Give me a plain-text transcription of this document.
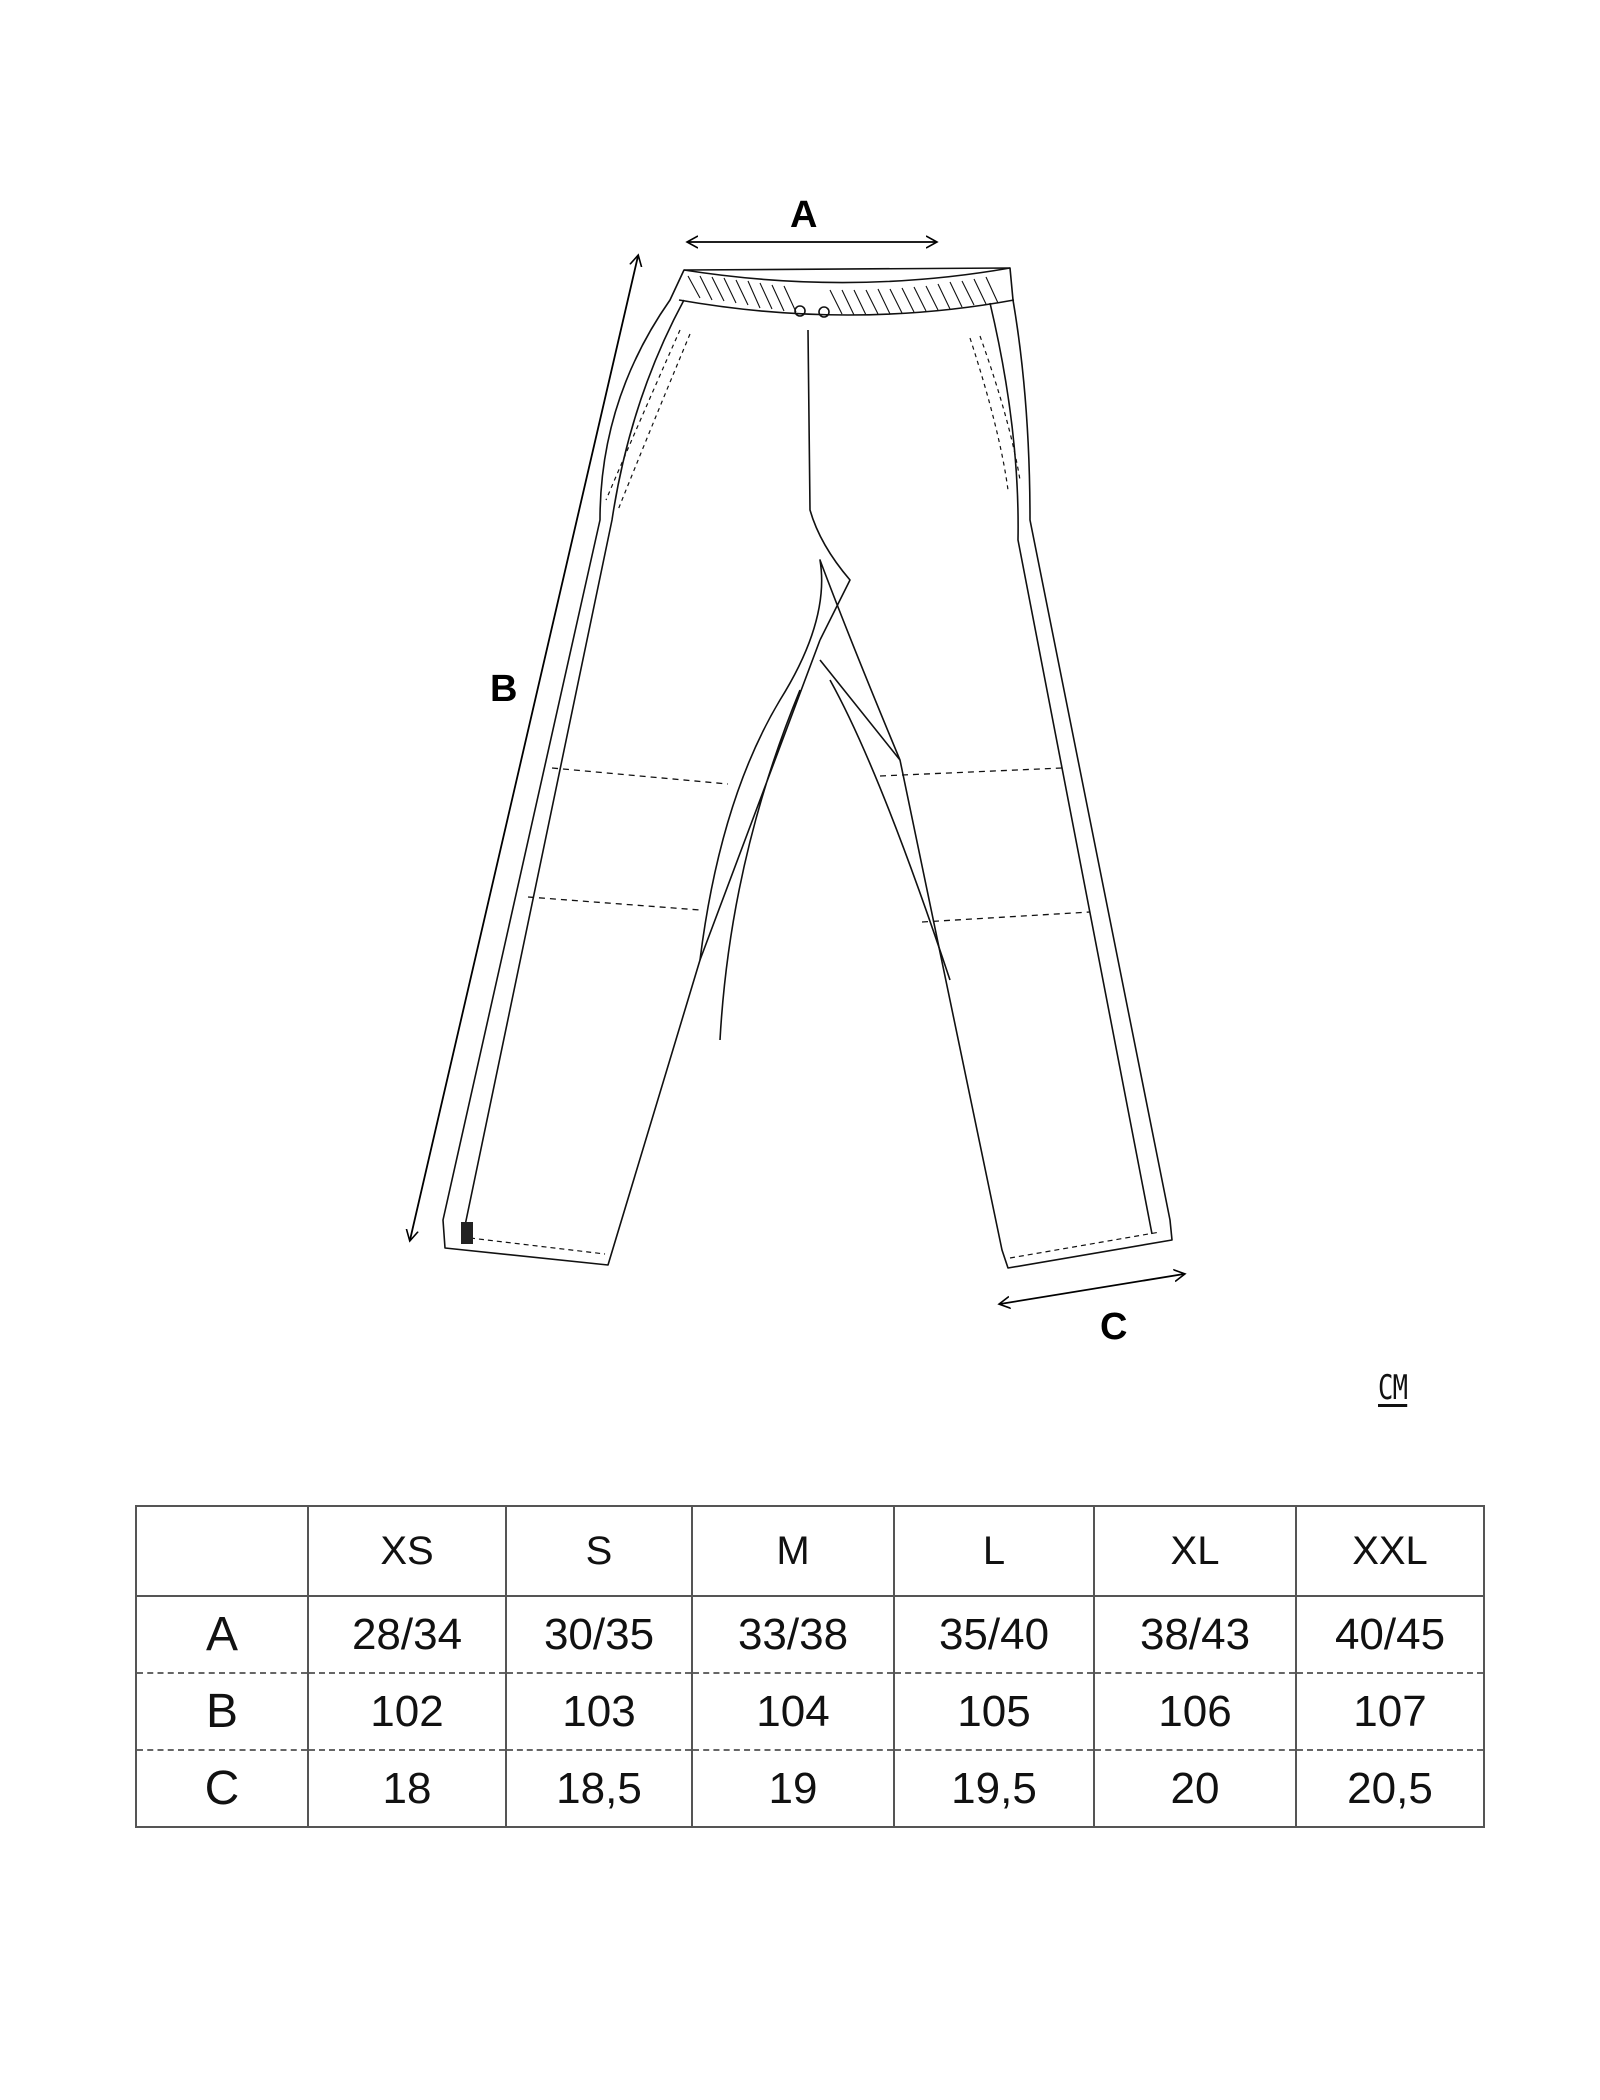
A
B
C
CM
	XS	S	M	L	XL	XXL
A	28/34	30/35	33/38	35/40	38/43	40/45
B	102	103	104	105	106	107
C	18	18,5	19	19,5	20	20,5
